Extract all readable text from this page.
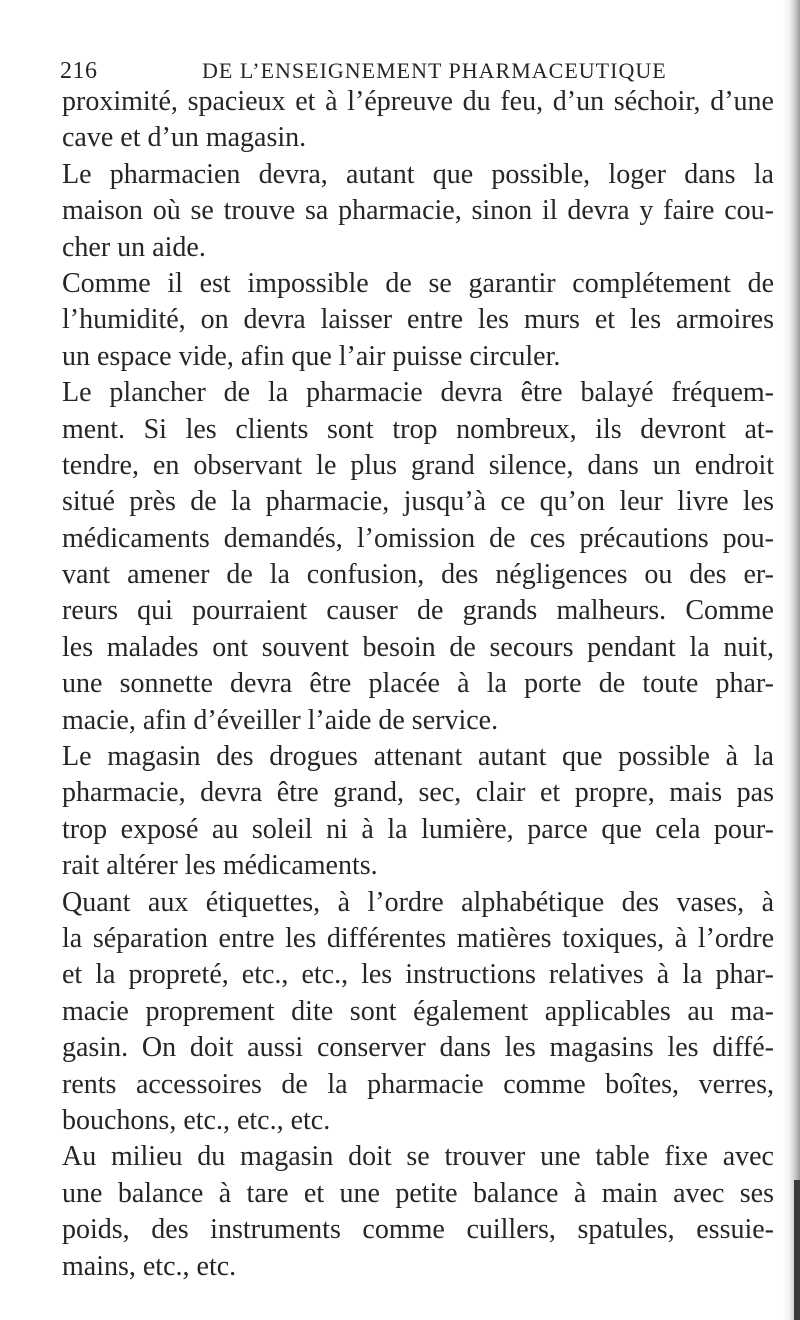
216	DE L’ENSEIGNEMENT PHARMACEUTIQUE
proximité, spacieux et à l’épreuve du feu, d’un séchoir, d’une
cave et d’un magasin.
Le pharmacien devra, autant que possible, loger dans la
maison où se trouve sa pharmacie, sinon il devra y faire cou-
cher un aide.
Comme il est impossible de se garantir complétement de
l’humidité, on devra laisser entre les murs et les armoires
un espace vide, afin que l’air puisse circuler.
Le plancher de la pharmacie devra être balayé fréquem-
ment. Si les clients sont trop nombreux, ils devront at-
tendre, en observant le plus grand silence, dans un endroit
situé près de la pharmacie, jusqu’à ce qu’on leur livre les
médicaments demandés, l’omission de ces précautions pou-
vant amener de la confusion, des négligences ou des er-
reurs qui pourraient causer de grands malheurs. Comme
les malades ont souvent besoin de secours pendant la nuit,
une sonnette devra être placée à la porte de toute phar-
macie, afin d’éveiller l’aide de service.
Le magasin des drogues attenant autant que possible à la
pharmacie, devra être grand, sec, clair et propre, mais pas
trop exposé au soleil ni à la lumière, parce que cela pour-
rait altérer les médicaments.
Quant aux étiquettes, à l’ordre alphabétique des vases, à
la séparation entre les différentes matières toxiques, à l’ordre
et la propreté, etc., etc., les instructions relatives à la phar-
macie proprement dite sont également applicables au ma-
gasin. On doit aussi conserver dans les magasins les diffé-
rents accessoires de la pharmacie comme boîtes, verres,
bouchons, etc., etc., etc.
Au milieu du magasin doit se trouver une table fixe avec
une balance à tare et une petite balance à main avec ses
poids, des instruments comme cuillers, spatules, essuie-
mains, etc., etc.
